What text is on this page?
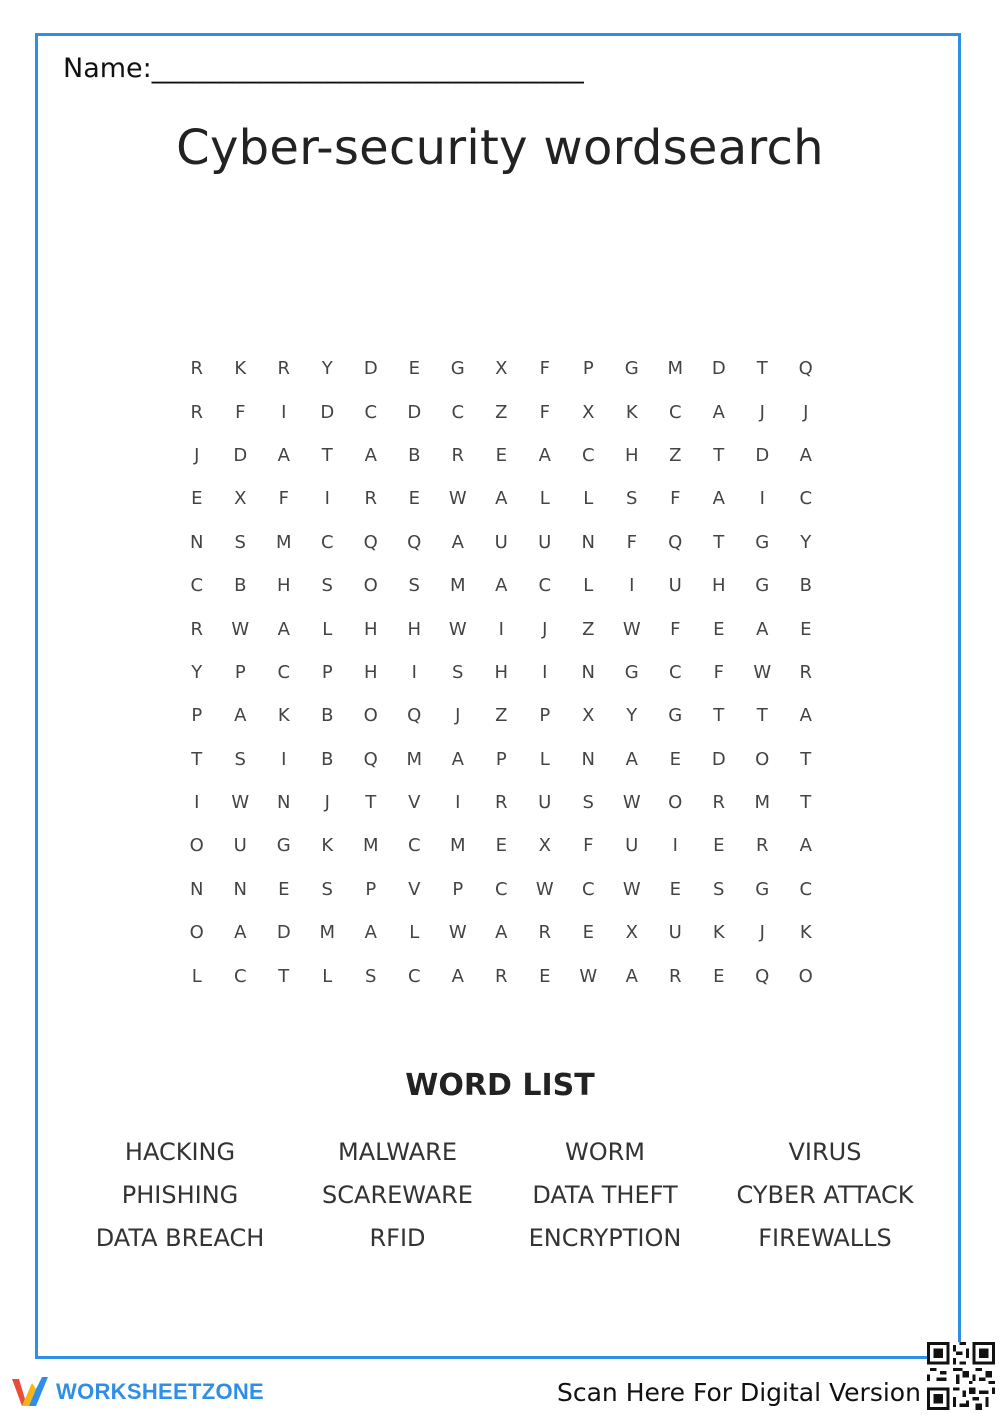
Name:________________________________
Cyber-security wordsearch
R	K	R	Y	D	E	G	X	F	P	G	M	D	T	Q
R	F	I	D	C	D	C	Z	F	X	K	C	A	J	J
J	D	A	T	A	B	R	E	A	C	H	Z	T	D	A
E	X	F	I	R	E	W	A	L	L	S	F	A	I	C
N	S	M	C	Q	Q	A	U	U	N	F	Q	T	G	Y
C	B	H	S	O	S	M	A	C	L	I	U	H	G	B
R	W	A	L	H	H	W	I	J	Z	W	F	E	A	E
Y	P	C	P	H	I	S	H	I	N	G	C	F	W	R
P	A	K	B	O	Q	J	Z	P	X	Y	G	T	T	A
T	S	I	B	Q	M	A	P	L	N	A	E	D	O	T
I	W	N	J	T	V	I	R	U	S	W	O	R	M	T
O	U	G	K	M	C	M	E	X	F	U	I	E	R	A
N	N	E	S	P	V	P	C	W	C	W	E	S	G	C
O	A	D	M	A	L	W	A	R	E	X	U	K	J	K
L	C	T	L	S	C	A	R	E	W	A	R	E	Q	O
WORD LIST
HACKING	MALWARE	WORM	VIRUS
PHISHING	SCAREWARE	DATA THEFT	CYBER ATTACK
DATA BREACH	RFID	ENCRYPTION	FIREWALLS
WORKSHEETZONE	Scan Here For Digital Version
